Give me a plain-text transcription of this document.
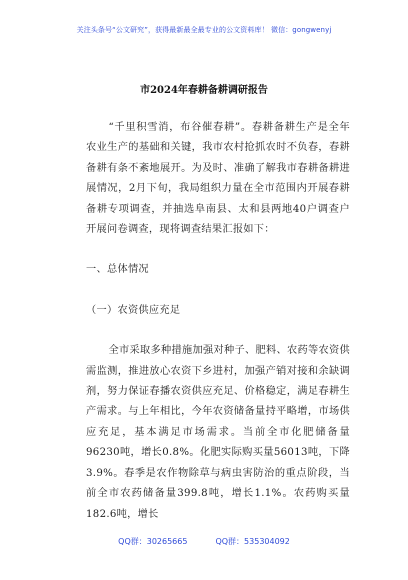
关注头条号“公文研究”，获得最新最全最专业的公文资料库！ 微信：gongwenyj
市2024年春耕备耕调研报告

“千里积雪消，布谷催春耕”。春耕备耕生产是全年农业生产的基础和关键，我市农村抢抓农时不负春，春耕备耕有条不紊地展开。为及时、准确了解我市春耕备耕进展情况，2月下旬，我局组织力量在全市范围内开展春耕备耕专项调查，并抽选阜南县、太和县两地40户调查户开展问卷调查，现将调查结果汇报如下：

一、总体情况

（一）农资供应充足

全市采取多种措施加强对种子、肥料、农药等农资供需监测，推进放心农资下乡进村，加强产销对接和余缺调剂，努力保证春播农资供应充足、价格稳定，满足春耕生产需求。与上年相比，今年农资储备量持平略增，市场供应充足，基本满足市场需求。当前全市化肥储备量96230吨，增长0.8%。化肥实际购买量56013吨，下降3.9%。春季是农作物除草与病虫害防治的重点阶段，当前全市农药储备量399.8吨，增长1.1%。农药购买量182.6吨，增长

QQ群：30265665	QQ群：535304092
